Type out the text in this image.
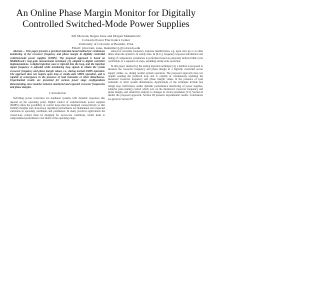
An Online Phase Margin Monitor for Digitally Controlled Switched-Mode Power Supplies
Jeff Morroni, Regan Zane and Dragan Maksimović
Colorado Power Electronics Center
University of Colorado at Boulder, USA
Email: {morroni, zane, maksimov}@colorado.edu

Abstract— This paper presents a practical injection-based method for continuous monitoring of the crossover frequency and phase margin in digitally controlled switched-mode power supplies (SMPS). The proposed approach is based on Middlebrook's loop-gain measurement technique [4], adapted to digital controller implementations. A digital injection wave is injected into the loop, and the injection signal frequency is adjusted while monitoring loop signals to obtain the system crossover frequency and phase margin values, i.e., during normal SMPS operation. The approach does not require open loop or steady-state SMPS operation, and is capable of convergence in the presence of load transients or other disturbances. Experimental results are presented for various power stage configurations demonstrating close matches between monitored and expected crossover frequencies and phase margins.

I. Introduction

Switching power converters are nonlinear systems with dynamic responses that depend on the operating point. Digital control of switched-mode power supplies (SMPS) offers the possibility of control loops that are designed conservatively so that stability margins and closed-loop regulation performance are maintained over expected variations in operating conditions and parameters. In many practical applications the closed-loop control must be designed for worst-case conditions, which leads to compromised performance over much of the operating range.

suited for real-time frequency response identification, e.g. upon start up or at other times when the system is in steady state. In [9-11], frequency response information and tuning of compensator parameters is performed based on purposely induced limit-cycle oscillations or a sequence of steps, assuming steady-state operation.

In this paper, inspired by the analog injection technique [4], a method is proposed to measure the crossover frequency and phase margin in a digitally controlled power supply online, i.e. during normal system operation. The proposed approach does not require opening the feedback loop and is capable of continuously updating the measured crossover frequency and phase margin values in the presence of load transients or other system disturbances. Applications of the technique include fast design loop verification, online dynamic performance monitoring of power supplies, adaptive (auto-tuning) control which acts on the monitored crossover frequency and phase margin, and sensitivity analysis to changes in circuit parameters [15]. Section II details the proposed approach. Section III presents experimental results. Conclusions are given in Section IV.
